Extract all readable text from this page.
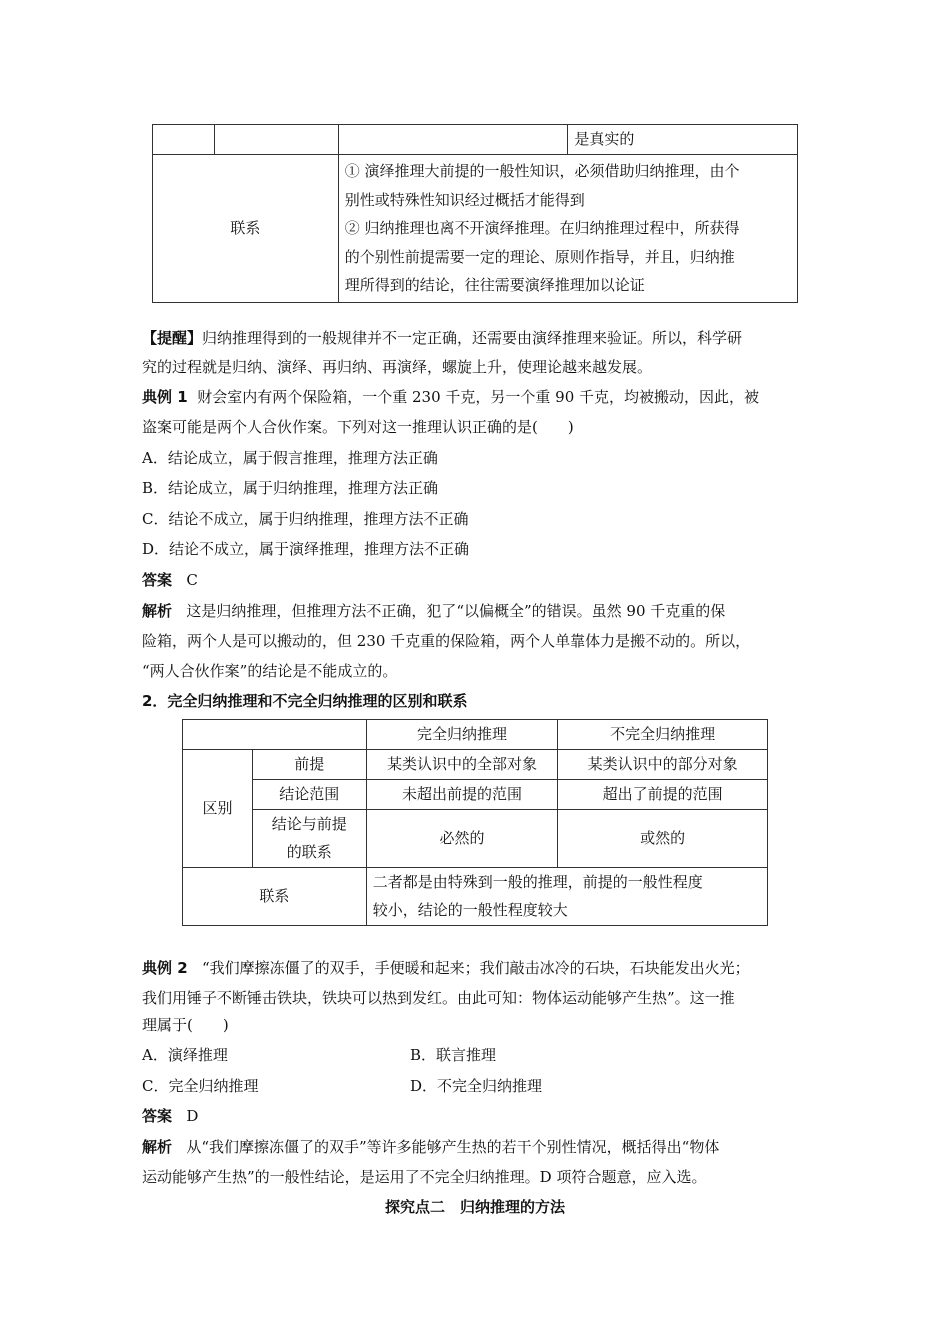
			是真实的
联系		① 演绎推理大前提的一般性知识，必须借助归纳推理，由个
别性或特殊性知识经过概括才能得到
② 归纳推理也离不开演绎推理。在归纳推理过程中，所获得
的个别性前提需要一定的理论、原则作指导，并且，归纳推
理所得到的结论，往往需要演绎推理加以论证	
【提醒】归纳推理得到的一般规律并不一定正确，还需要由演绎推理来验证。所以，科学研
究的过程就是归纳、演绎、再归纳、再演绎，螺旋上升，使理论越来越发展。
典例 1 财会室内有两个保险箱，一个重 230 千克，另一个重 90 千克，均被搬动，因此，被
盗案可能是两个人合伙作案。下列对这一推理认识正确的是(　　)
A．结论成立，属于假言推理，推理方法正确
B．结论成立，属于归纳推理，推理方法正确
C．结论不成立，属于归纳推理，推理方法不正确
D．结论不成立，属于演绎推理，推理方法不正确
答案 C
解析 这是归纳推理，但推理方法不正确，犯了“以偏概全”的错误。虽然 90 千克重的保
险箱，两个人是可以搬动的，但 230 千克重的保险箱，两个人单靠体力是搬不动的。所以，
“两人合伙作案”的结论是不能成立的。
2．完全归纳推理和不完全归纳推理的区别和联系
		完全归纳推理	不完全归纳推理
区别	前提	某类认识中的全部对象	某类认识中的部分对象
	结论范围	未超出前提的范围	超出了前提的范围

	结论与前提
的联系	必然的	或然的
联系		二者都是由特殊到一般的推理，前提的一般性程度
较小，结论的一般性程度较大	
典例 2 “我们摩擦冻僵了的双手，手便暖和起来；我们敲击冰冷的石块，石块能发出火光；
我们用锤子不断锤击铁块，铁块可以热到发红。由此可知：物体运动能够产生热”。这一推
理属于(　　)
A．演绎推理	B．联言推理
C．完全归纳推理	D．不完全归纳推理
答案 D
解析 从“我们摩擦冻僵了的双手”等许多能够产生热的若干个别性情况，概括得出“物体
运动能够产生热”的一般性结论，是运用了不完全归纳推理。D 项符合题意，应入选。
探究点二　归纳推理的方法
